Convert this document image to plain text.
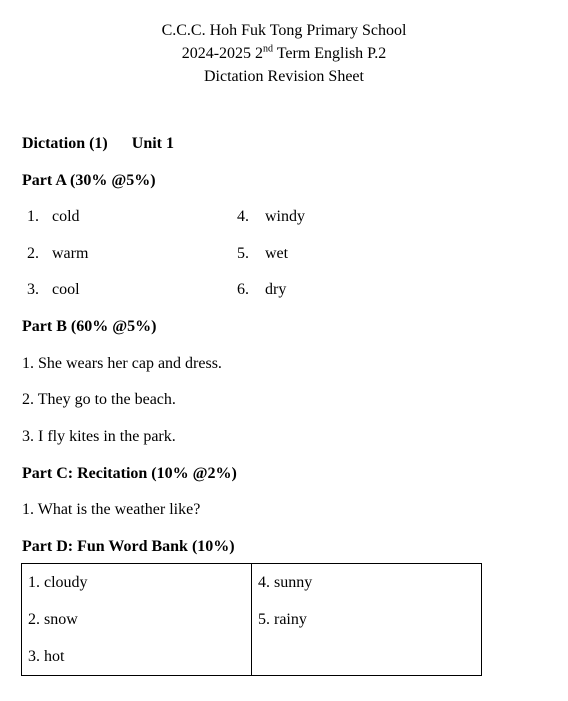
C.C.C. Hoh Fuk Tong Primary School
2024-2025 2nd Term English P.2
Dictation Revision Sheet
Dictation (1) Unit 1
Part A (30% @5%)
1. cold
2. warm
3. cool
4. windy
5. wet
6. dry
Part B (60% @5%)
1. She wears her cap and dress.
2. They go to the beach.
3. I fly kites in the park.
Part C: Recitation (10% @2%)
1. What is the weather like?
Part D: Fun Word Bank (10%)
1. cloudy	4. sunny
2. snow	5. rainy
3. hot	
